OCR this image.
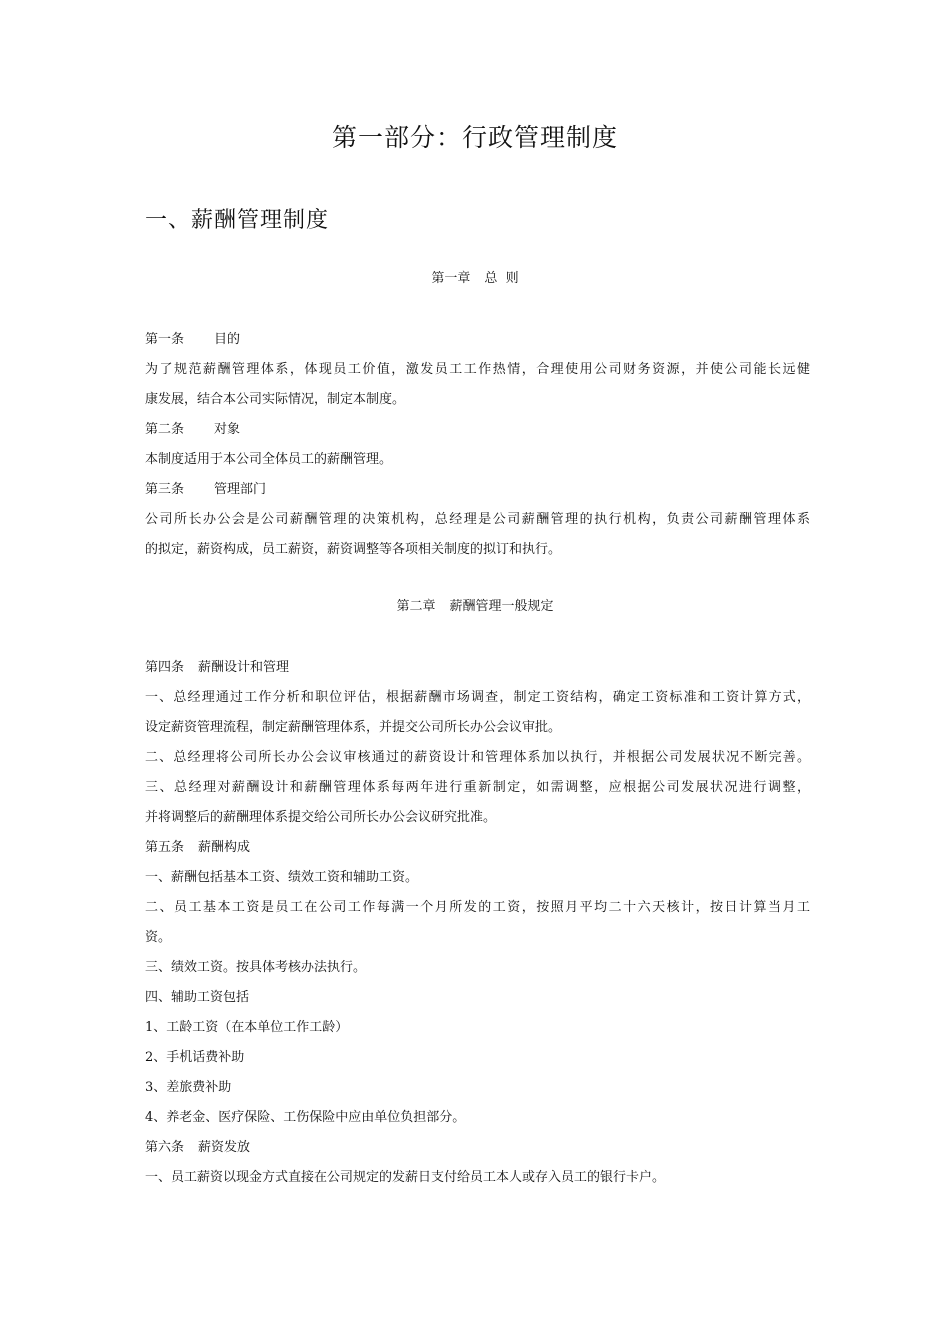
第一部分：行政管理制度
一、薪酬管理制度
第一章 总  则
第一条 目的
为了规范薪酬管理体系，体现员工价值，激发员工工作热情，合理使用公司财务资源，并使公司能长远健
康发展，结合本公司实际情况，制定本制度。
第二条 对象
本制度适用于本公司全体员工的薪酬管理。
第三条 管理部门
公司所长办公会是公司薪酬管理的决策机构，总经理是公司薪酬管理的执行机构，负责公司薪酬管理体系
的拟定，薪资构成，员工薪资，薪资调整等各项相关制度的拟订和执行。
第二章 薪酬管理一般规定
第四条 薪酬设计和管理
一、总经理通过工作分析和职位评估，根据薪酬市场调查，制定工资结构，确定工资标准和工资计算方式，
设定薪资管理流程，制定薪酬管理体系，并提交公司所长办公会议审批。
二、总经理将公司所长办公会议审核通过的薪资设计和管理体系加以执行，并根据公司发展状况不断完善。
三、总经理对薪酬设计和薪酬管理体系每两年进行重新制定，如需调整，应根据公司发展状况进行调整，
并将调整后的薪酬理体系提交给公司所长办公会议研究批准。
第五条 薪酬构成
一、薪酬包括基本工资、绩效工资和辅助工资。
二、员工基本工资是员工在公司工作每满一个月所发的工资，按照月平均二十六天核计，按日计算当月工
资。
三、绩效工资。按具体考核办法执行。
四、辅助工资包括
1、工龄工资（在本单位工作工龄）
2、手机话费补助
3、差旅费补助
4、养老金、医疗保险、工伤保险中应由单位负担部分。
第六条 薪资发放
一、员工薪资以现金方式直接在公司规定的发薪日支付给员工本人或存入员工的银行卡户。
